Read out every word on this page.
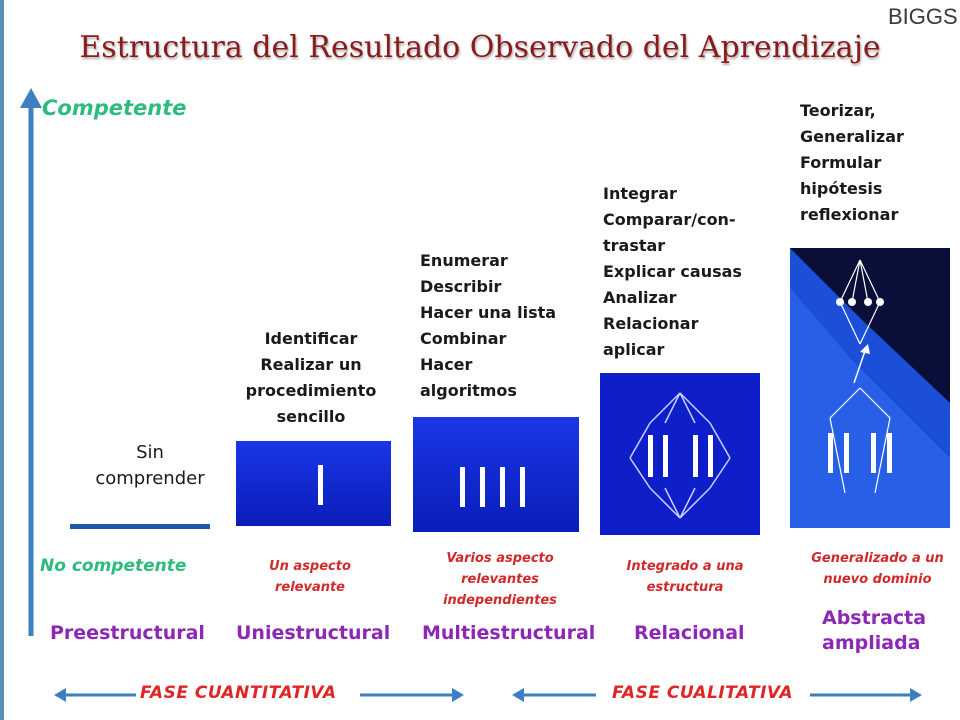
BIGGS
Estructura del Resultado Observado del Aprendizaje
Competente
No competente
Sin
comprender
Identificar
Realizar un
procedimiento
sencillo
Enumerar
Describir
Hacer una lista
Combinar
Hacer
algoritmos
Integrar
Comparar/con-
trastar
Explicar causas
Analizar
Relacionar
aplicar
Teorizar,
Generalizar
Formular
hipótesis
reflexionar
Un aspecto
relevante
Varios aspecto
relevantes
independientes
Integrado a una
estructura
Generalizado a un
nuevo dominio
Preestructural Uniestructural Multiestructural Relacional
Abstracta
ampliada
FASE CUANTITATIVA	FASE CUALITATIVA
